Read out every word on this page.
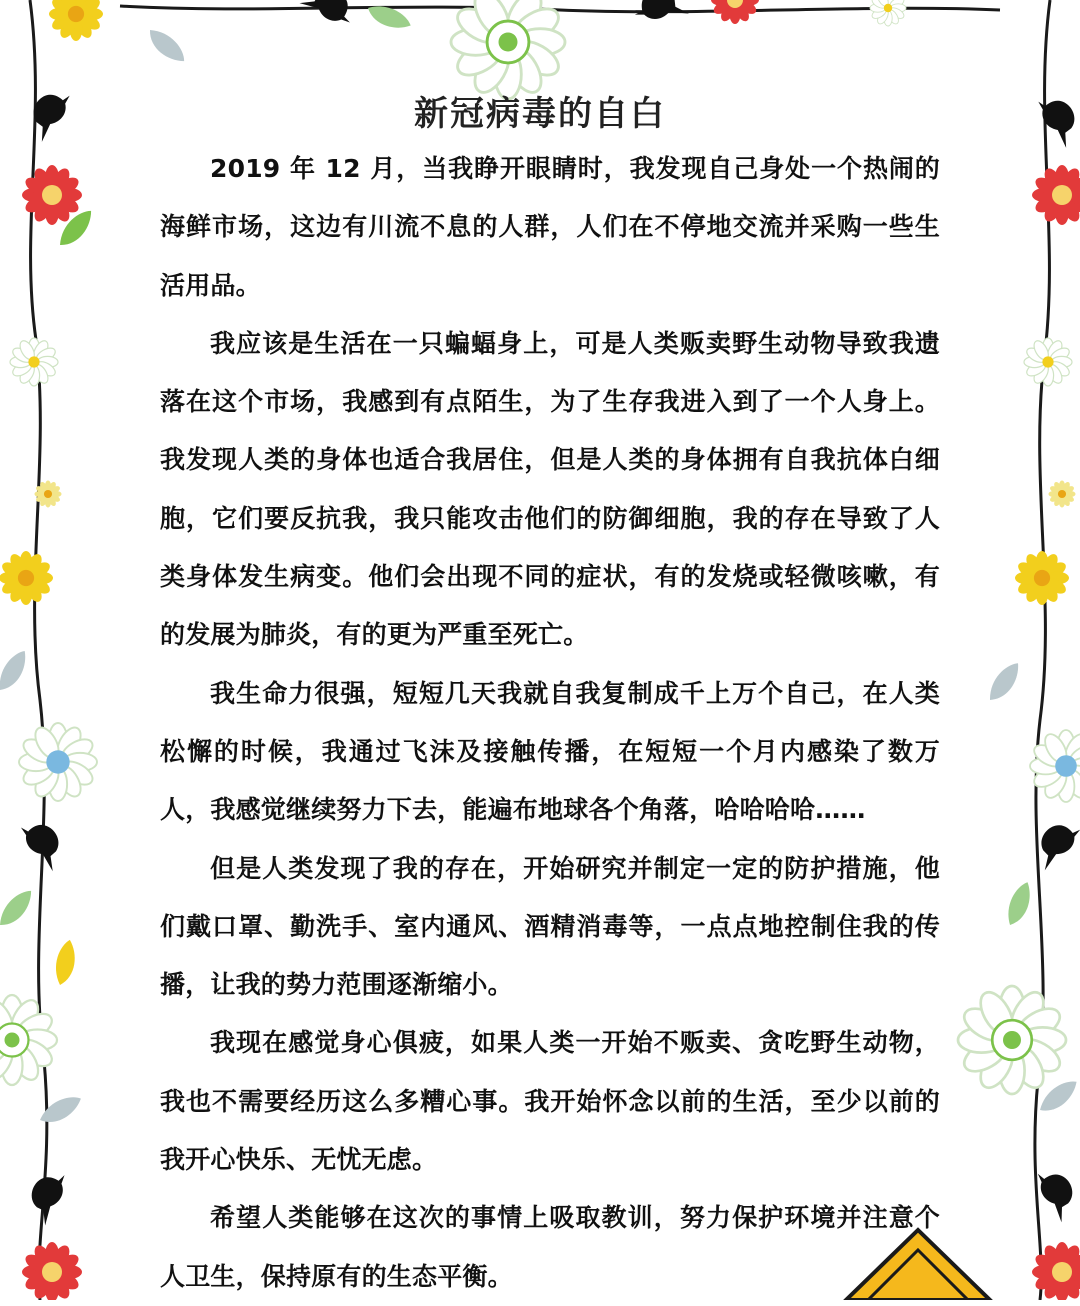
新冠病毒的自白

2019 年 12 月，当我睁开眼睛时，我发现自己身处一个热闹的海鲜市场，这边有川流不息的人群，人们在不停地交流并采购一些生活用品。

我应该是生活在一只蝙蝠身上，可是人类贩卖野生动物导致我遗落在这个市场，我感到有点陌生，为了生存我进入到了一个人身上。我发现人类的身体也适合我居住，但是人类的身体拥有自我抗体白细胞，它们要反抗我，我只能攻击他们的防御细胞，我的存在导致了人类身体发生病变。他们会出现不同的症状，有的发烧或轻微咳嗽，有的发展为肺炎，有的更为严重至死亡。

我生命力很强，短短几天我就自我复制成千上万个自己，在人类松懈的时候，我通过飞沫及接触传播，在短短一个月内感染了数万人，我感觉继续努力下去，能遍布地球各个角落，哈哈哈哈……

但是人类发现了我的存在，开始研究并制定一定的防护措施，他们戴口罩、勤洗手、室内通风、酒精消毒等，一点点地控制住我的传播，让我的势力范围逐渐缩小。

我现在感觉身心俱疲，如果人类一开始不贩卖、贪吃野生动物，我也不需要经历这么多糟心事。我开始怀念以前的生活，至少以前的我开心快乐、无忧无虑。

希望人类能够在这次的事情上吸取教训，努力保护环境并注意个人卫生，保持原有的生态平衡。
